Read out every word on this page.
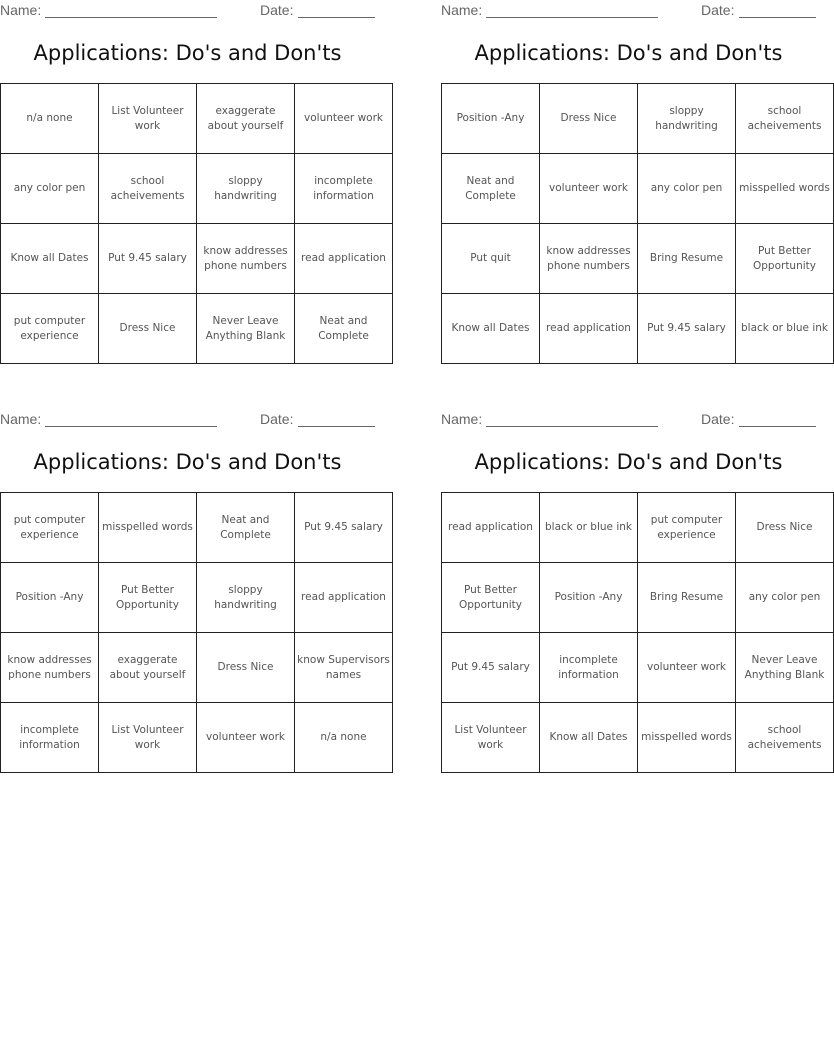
Name:	Date:
Applications: Do's and Don'ts
n/a none	List Volunteer work	exaggerate about yourself	volunteer work
any color pen	school acheivements	sloppy handwriting	incomplete information
Know all Dates	Put 9.45 salary	know addresses phone numbers	read application
put computer experience	Dress Nice	Never Leave Anything Blank	Neat and Complete
Name:	Date:
Applications: Do's and Don'ts
Position -Any	Dress Nice	sloppy handwriting	school acheivements
Neat and Complete	volunteer work	any color pen	misspelled words
Put quit	know addresses phone numbers	Bring Resume	Put Better Opportunity
Know all Dates	read application	Put 9.45 salary	black or blue ink
Name:	Date:
Applications: Do's and Don'ts
put computer experience	misspelled words	Neat and Complete	Put 9.45 salary
Position -Any	Put Better Opportunity	sloppy handwriting	read application
know addresses phone numbers	exaggerate about yourself	Dress Nice	know Supervisors names
incomplete information	List Volunteer work	volunteer work	n/a none
Name:	Date:
Applications: Do's and Don'ts
read application	black or blue ink	put computer experience	Dress Nice
Put Better Opportunity	Position -Any	Bring Resume	any color pen
Put 9.45 salary	incomplete information	volunteer work	Never Leave Anything Blank
List Volunteer work	Know all Dates	misspelled words	school acheivements
